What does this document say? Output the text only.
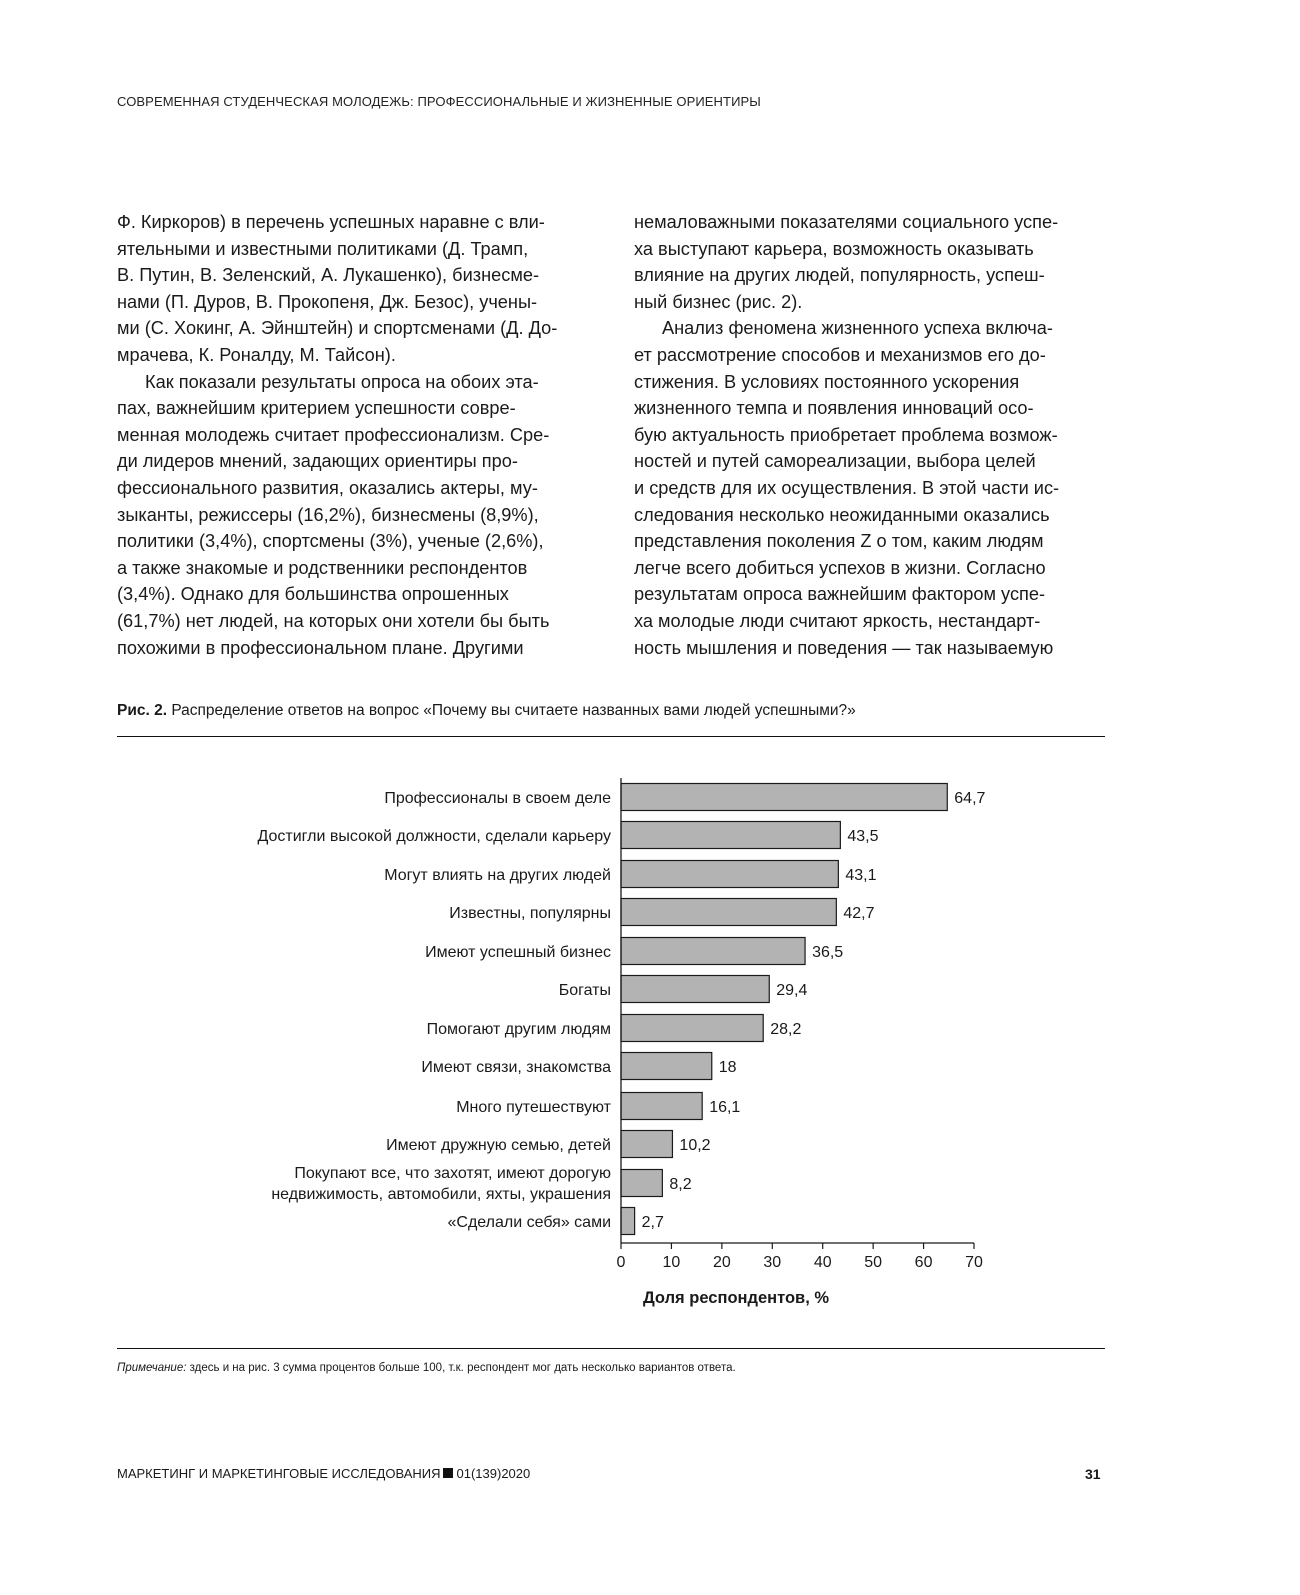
СОВРЕМЕННАЯ СТУДЕНЧЕСКАЯ МОЛОДЕЖЬ: ПРОФЕССИОНАЛЬНЫЕ И ЖИЗНЕННЫЕ ОРИЕНТИРЫ
Ф. Киркоров) в перечень успешных наравне с вли-
ятельными и известными политиками (Д. Трамп,
В. Путин, В. Зеленский, А. Лукашенко), бизнесме-
нами (П. Дуров, В. Прокопеня, Дж. Безос), учены-
ми (С. Хокинг, А. Эйнштейн) и спортсменами (Д. До-
мрачева, К. Роналду, М. Тайсон).
Как показали результаты опроса на обоих эта-
пах, важнейшим критерием успешности совре-
менная молодежь считает профессионализм. Сре-
ди лидеров мнений, задающих ориентиры про-
фессионального развития, оказались актеры, му-
зыканты, режиссеры (16,2%), бизнесмены (8,9%),
политики (3,4%), спортсмены (3%), ученые (2,6%),
а также знакомые и родственники респондентов
(3,4%). Однако для большинства опрошенных
(61,7%) нет людей, на которых они хотели бы быть
похожими в профессиональном плане. Другими
немаловажными показателями социального успе-
ха выступают карьера, возможность оказывать
влияние на других людей, популярность, успеш-
ный бизнес (рис. 2).
Анализ феномена жизненного успеха включа-
ет рассмотрение способов и механизмов его до-
стижения. В условиях постоянного ускорения
жизненного темпа и появления инноваций осо-
бую актуальность приобретает проблема возмож-
ностей и путей самореализации, выбора целей
и средств для их осуществления. В этой части ис-
следования несколько неожиданными оказались
представления поколения Z о том, каким людям
легче всего добиться успехов в жизни. Согласно
результатам опроса важнейшим фактором успе-
ха молодые люди считают яркость, нестандарт-
ность мышления и поведения — так называемую
Рис. 2. Распределение ответов на вопрос «Почему вы считаете названных вами людей успешными?»
64,7
Профессионалы в своем деле
43,5
Достигли высокой должности, сделали карьеру
43,1
Могут влиять на других людей
42,7
Известны, популярны
36,5
Имеют успешный бизнес
29,4
Богаты
28,2
Помогают другим людям
18
Имеют связи, знакомства
16,1
Много путешествуют
10,2
Имеют дружную семью, детей
8,2
Покупают все, что захотят, имеют дорогую
недвижимость, автомобили, яхты, украшения
2,7
«Сделали себя» сами
0 10 20 30 40 50 60 70
Доля респондентов, %
Примечание: здесь и на рис. 3 сумма процентов больше 100, т.к. респондент мог дать несколько вариантов ответа.
МАРКЕТИНГ И МАРКЕТИНГОВЫЕ ИССЛЕДОВАНИЯ 01(139)2020	31
